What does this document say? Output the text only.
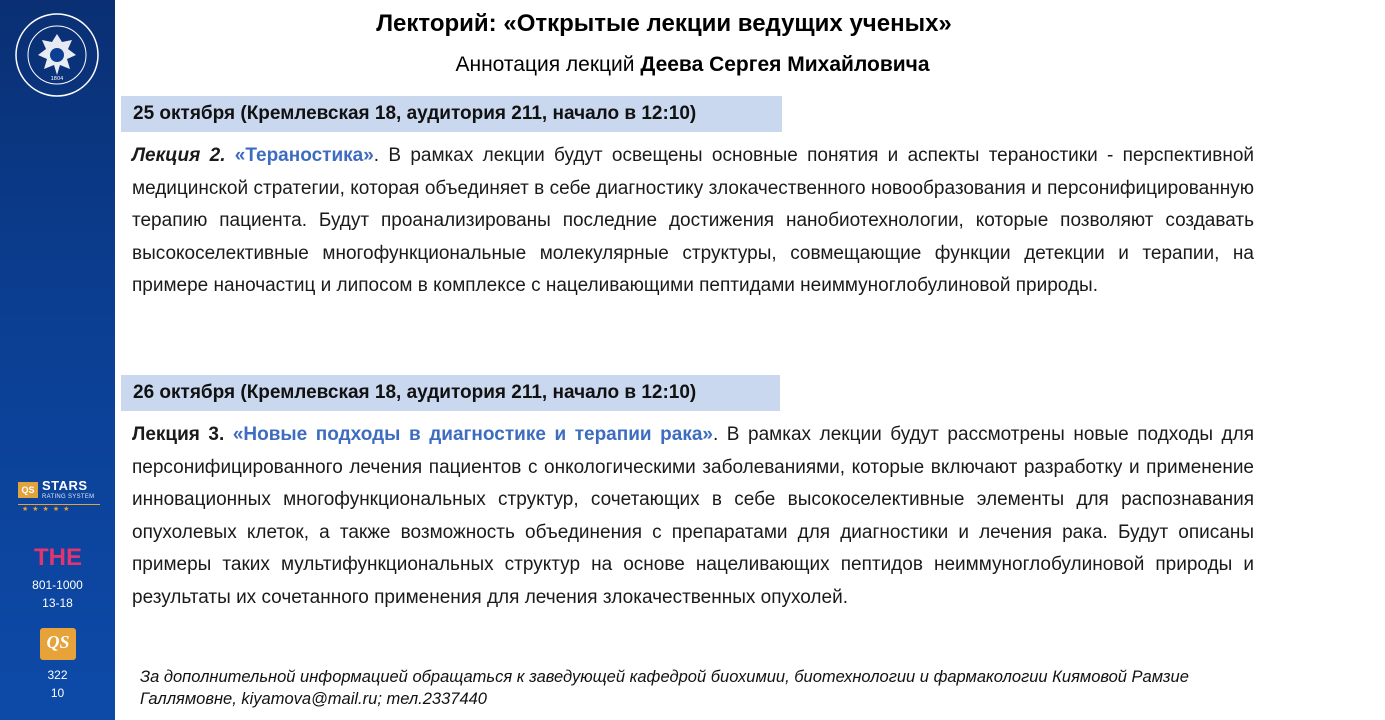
1804
QS STARS
RATING SYSTEM
★★★★★
THE
801-1000
13-18
QS
322
10
Лекторий: «Открытые лекции ведущих ученых»
Аннотация лекций Деева Сергея Михайловича
25 октября (Кремлевская 18, аудитория 211, начало в 12:10)
Лекция 2. «Тераностика». В рамках лекции будут освещены основные понятия и аспекты тераностики - перспективной медицинской стратегии, которая объединяет в себе диагностику злокачественного новообразования и персонифицированную терапию пациента. Будут проанализированы последние достижения нанобиотехнологии, которые позволяют создавать высокоселективные многофункциональные молекулярные структуры, совмещающие функции детекции и терапии, на примере наночастиц и липосом в комплексе с нацеливающими пептидами неиммуноглобулиновой природы.
26 октября (Кремлевская 18, аудитория 211, начало в 12:10)
Лекция 3. «Новые подходы в диагностике и терапии рака». В рамках лекции будут рассмотрены новые подходы для персонифицированного лечения пациентов с онкологическими заболеваниями, которые включают разработку и применение инновационных многофункциональных структур, сочетающих в себе высокоселективные элементы для распознавания опухолевых клеток, а также возможность объединения с препаратами для диагностики и лечения рака. Будут описаны примеры таких мультифункциональных структур на основе нацеливающих пептидов неиммуноглобулиновой природы и результаты их сочетанного применения для лечения злокачественных опухолей.
За дополнительной информацией обращаться к заведующей кафедрой биохимии, биотехнологии и фармакологии Киямовой Рамзие Галлямовне, kiyamova@mail.ru; тел.2337440
